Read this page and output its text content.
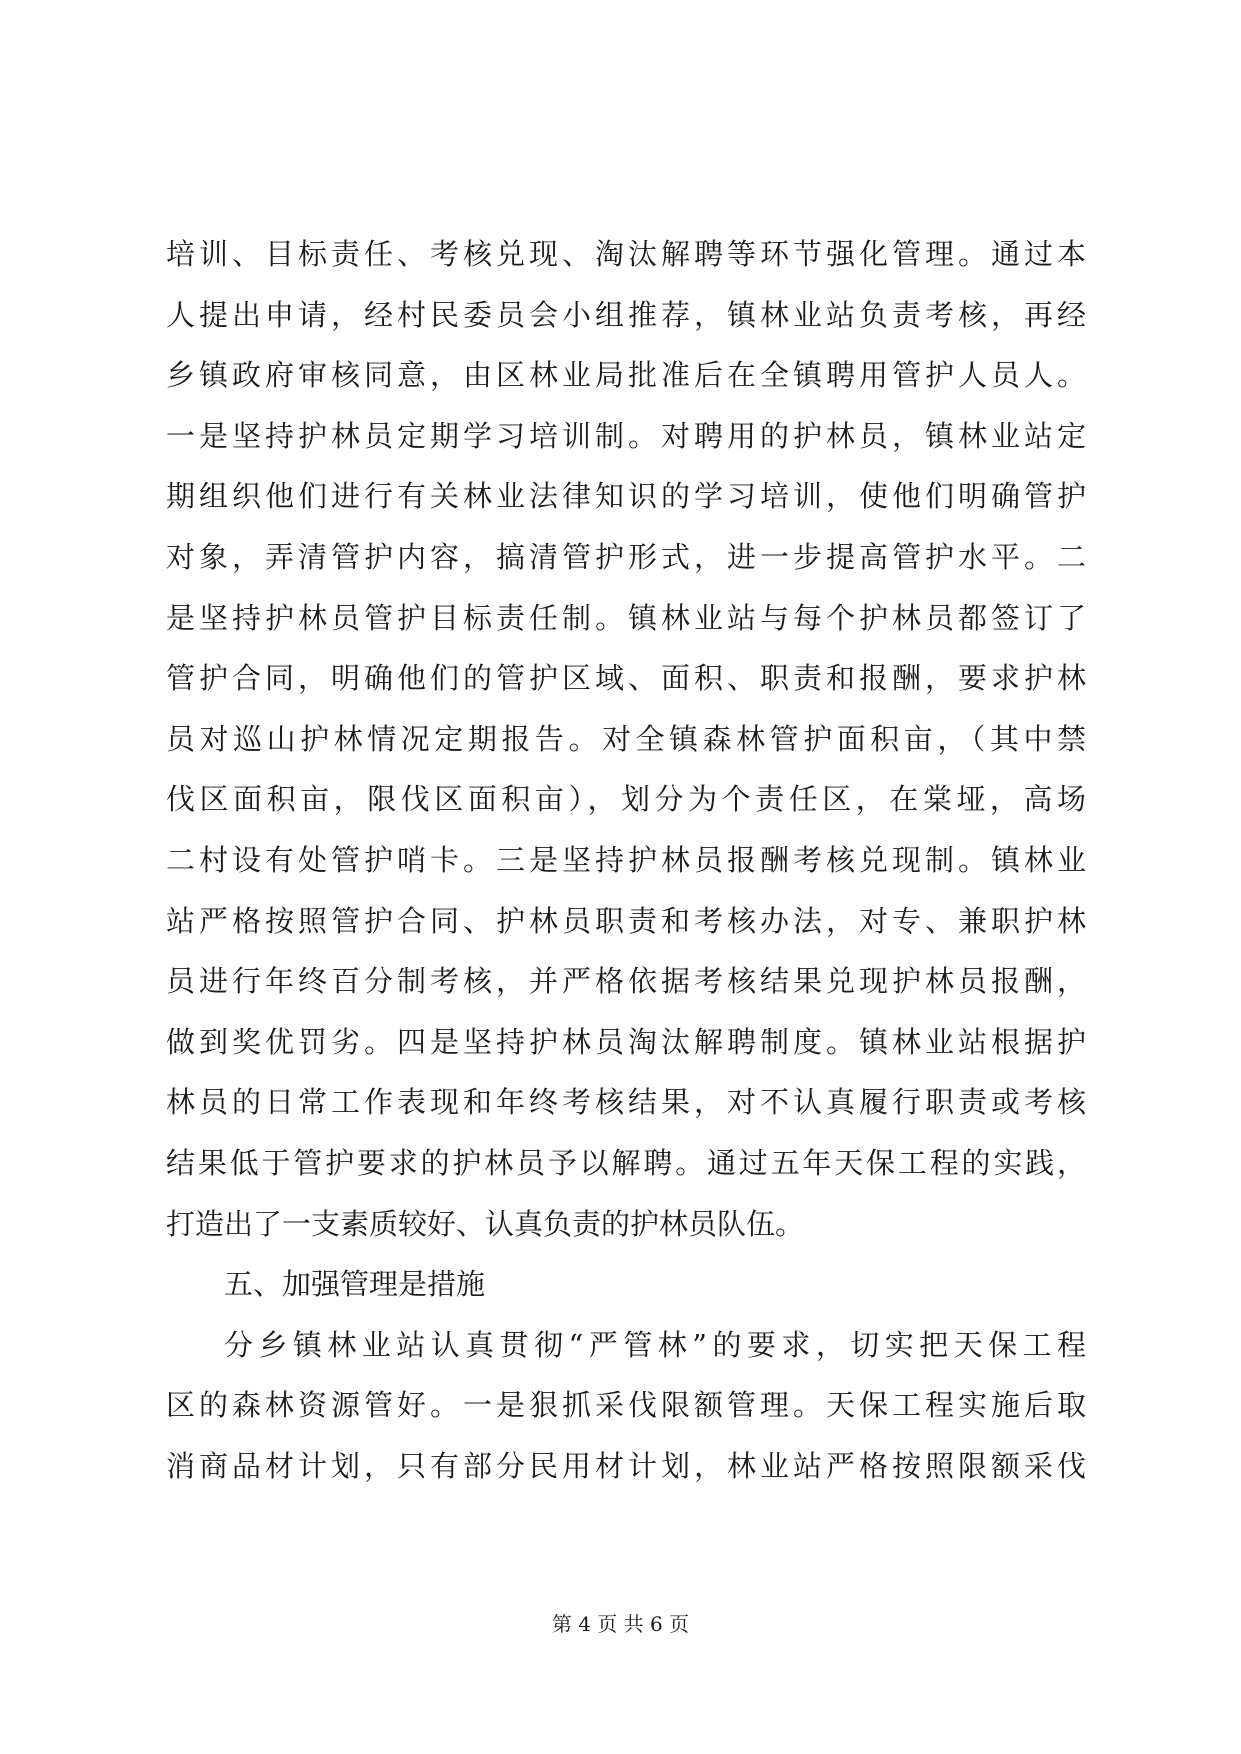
培训、目标责任、考核兑现、淘汰解聘等环节强化管理。通过本
人提出申请，经村民委员会小组推荐，镇林业站负责考核，再经
乡镇政府审核同意，由区林业局批准后在全镇聘用管护人员人。
一是坚持护林员定期学习培训制。对聘用的护林员，镇林业站定
期组织他们进行有关林业法律知识的学习培训，使他们明确管护
对象，弄清管护内容，搞清管护形式，进一步提高管护水平。二
是坚持护林员管护目标责任制。镇林业站与每个护林员都签订了
管护合同，明确他们的管护区域、面积、职责和报酬，要求护林
员对巡山护林情况定期报告。对全镇森林管护面积亩，（其中禁
伐区面积亩，限伐区面积亩），划分为个责任区，在棠垭，高场
二村设有处管护哨卡。三是坚持护林员报酬考核兑现制。镇林业
站严格按照管护合同、护林员职责和考核办法，对专、兼职护林
员进行年终百分制考核，并严格依据考核结果兑现护林员报酬，
做到奖优罚劣。四是坚持护林员淘汰解聘制度。镇林业站根据护
林员的日常工作表现和年终考核结果，对不认真履行职责或考核
结果低于管护要求的护林员予以解聘。通过五年天保工程的实践，
打造出了一支素质较好、认真负责的护林员队伍。
五、加强管理是措施
分乡镇林业站认真贯彻“严管林”的要求，切实把天保工程
区的森林资源管好。一是狠抓采伐限额管理。天保工程实施后取
消商品材计划，只有部分民用材计划，林业站严格按照限额采伐
第 4 页 共 6 页
